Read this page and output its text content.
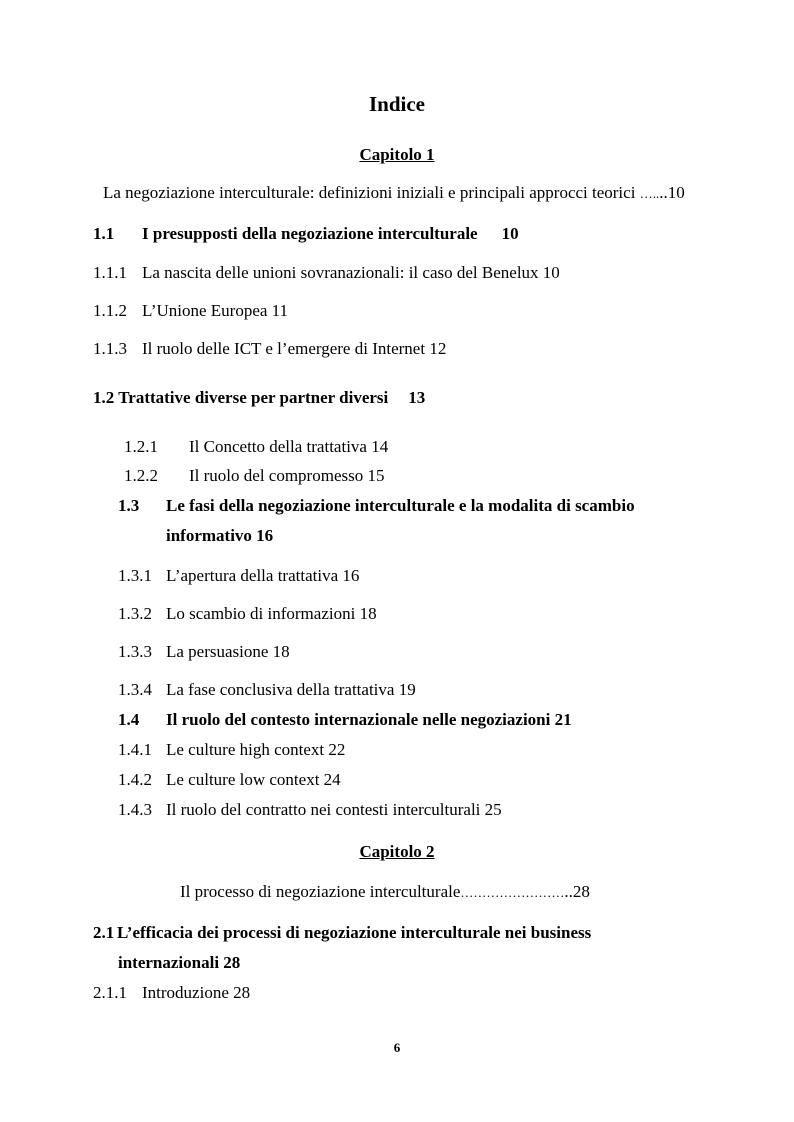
Indice
Capitolo 1
La negoziazione interculturale: definizioni iniziali e principali approcci teorici …....10
1.1	I presupposti della negoziazione interculturale 10
1.1.1 La nascita delle unioni sovranazionali: il caso del Benelux 10
1.1.2 L’Unione Europea 11
1.1.3 Il ruolo delle ICT e l’emergere di Internet 12
1.2 Trattative diverse per partner diversi 13
1.2.1	Il Concetto della trattativa 14
1.2.2	Il ruolo del compromesso 15
1.3	Le fasi della negoziazione interculturale e la modalita di scambio
informativo 16
1.3.1 L’apertura della trattativa 16
1.3.2 Lo scambio di informazioni 18
1.3.3 La persuasione 18
1.3.4 La fase conclusiva della trattativa 19
1.4	Il ruolo del contesto internazionale nelle negoziazioni 21
1.4.1 Le culture high context 22
1.4.2 Le culture low context 24
1.4.3 Il ruolo del contratto nei contesti interculturali 25
Capitolo 2
Il processo di negoziazione interculturale……………………..28
2.1 L’efficacia dei processi di negoziazione interculturale nei business
internazionali 28
2.1.1 Introduzione 28
6
